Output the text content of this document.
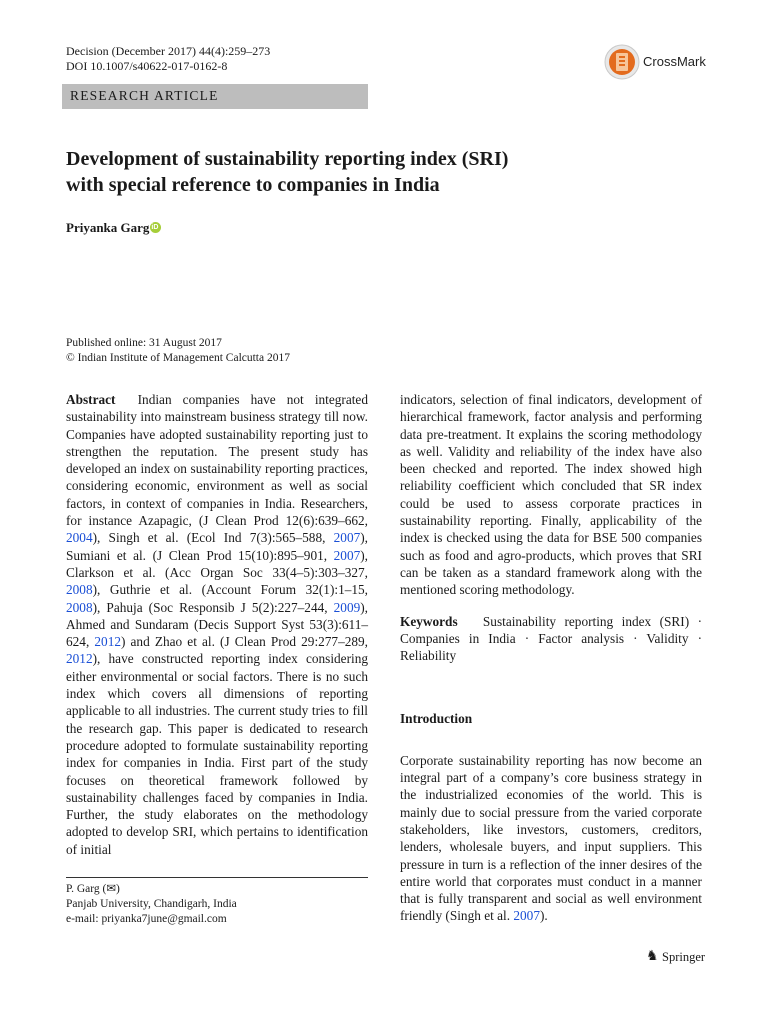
Decision (December 2017) 44(4):259–273
DOI 10.1007/s40622-017-0162-8	CrossMark
RESEARCH ARTICLE
Development of sustainability reporting index (SRI)
with special reference to companies in India
Priyanka GargiD
Published online: 31 August 2017
© Indian Institute of Management Calcutta 2017

Abstract Indian companies have not integrated sustainability into mainstream business strategy till now. Companies have adopted sustainability reporting just to strengthen the reputation. The present study has developed an index on sustainability reporting practices, considering economic, environment as well as social factors, in context of companies in India. Researchers, for instance Azapagic, (J Clean Prod 12(6):639–662, 2004), Singh et al. (Ecol Ind 7(3):565–588, 2007), Sumiani et al. (J Clean Prod 15(10):895–901, 2007), Clarkson et al. (Acc Organ Soc 33(4–5):303–327, 2008), Guthrie et al. (Account Forum 32(1):1–15, 2008), Pahuja (Soc Responsib J 5(2):227–244, 2009), Ahmed and Sundaram (Decis Support Syst 53(3):611–624, 2012) and Zhao et al. (J Clean Prod 29:277–289, 2012), have constructed reporting index considering either environmental or social factors. There is no such index which covers all dimensions of reporting applicable to all industries. The current study tries to fill the research gap. This paper is dedicated to research procedure adopted to formulate sustainability reporting index for companies in India. First part of the study focuses on theoretical framework followed by sustainability challenges faced by companies in India. Further, the study elaborates on the methodology adopted to develop SRI, which pertains to identification of initial

indicators, selection of final indicators, development of hierarchical framework, factor analysis and performing data pre-treatment. It explains the scoring methodology as well. Validity and reliability of the index have also been checked and reported. The index showed high reliability coefficient which concluded that SR index could be used to assess corporate practices in sustainability reporting. Finally, applicability of the index is checked using the data for BSE 500 companies such as food and agro-products, which proves that SRI can be taken as a standard framework along with the mentioned scoring methodology.

Keywords Sustainability reporting index (SRI) · Companies in India · Factor analysis · Validity · Reliability

Introduction

Corporate sustainability reporting has now become an integral part of a company’s core business strategy in the industrialized economies of the world. This is mainly due to social pressure from the varied corporate stakeholders, like investors, customers, creditors, lenders, wholesale buyers, and input suppliers. This pressure in turn is a reflection of the inner desires of the entire world that corporates must conduct in a manner that is fully transparent and social as well environment friendly (Singh et al. 2007).

P. Garg (✉)
Panjab University, Chandigarh, India
e-mail: priyanka7june@gmail.com
♞ Springer
